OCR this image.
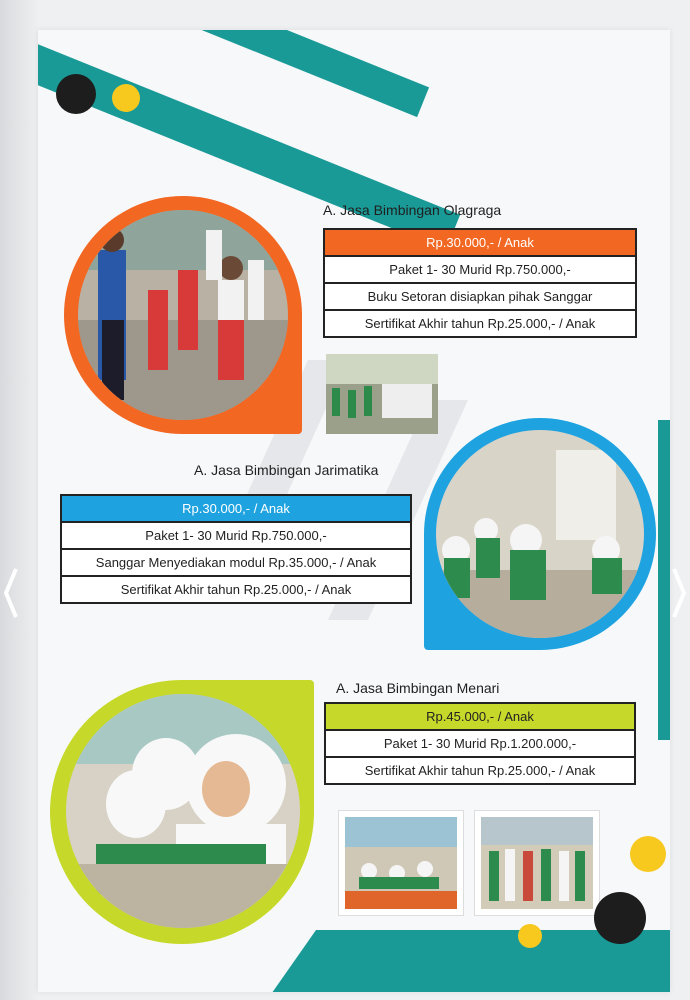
A. Jasa Bimbingan Olagraga
Rp.30.000,- / Anak
Paket 1- 30 Murid Rp.750.000,-
Buku Setoran disiapkan pihak Sanggar
Sertifikat Akhir tahun Rp.25.000,- / Anak
A. Jasa Bimbingan Jarimatika
Rp.30.000,- / Anak
Paket 1- 30 Murid Rp.750.000,-
Sanggar Menyediakan modul Rp.35.000,- / Anak
Sertifikat Akhir tahun Rp.25.000,- / Anak
A. Jasa Bimbingan Menari
Rp.45.000,- / Anak
Paket 1- 30 Murid Rp.1.200.000,-
Sertifikat Akhir tahun Rp.25.000,- / Anak
